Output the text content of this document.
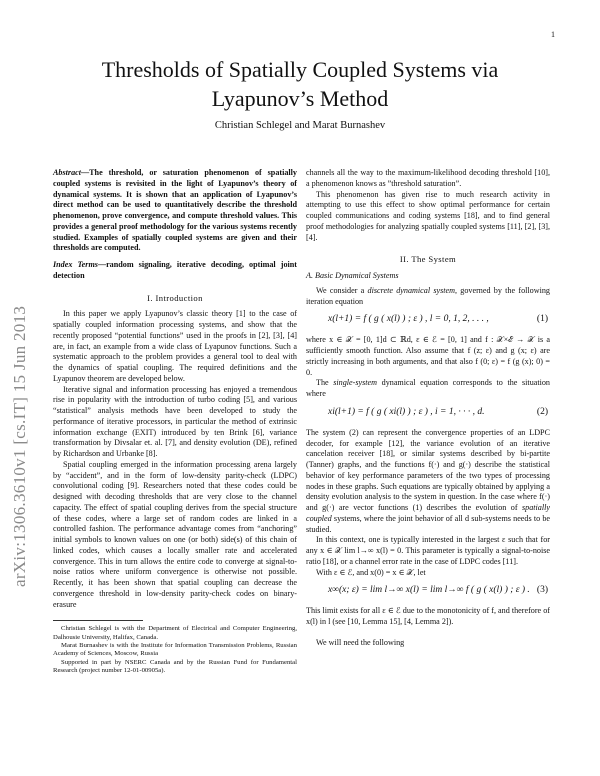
1
arXiv:1306.3610v1 [cs.IT] 15 Jun 2013
Thresholds of Spatially Coupled Systems via Lyapunov’s Method
Christian Schlegel and Marat Burnashev

Abstract—The threshold, or saturation phenomenon of spatially coupled systems is revisited in the light of Lyapunov’s theory of dynamical systems. It is shown that an application of Lyapunov’s direct method can be used to quantitatively describe the threshold phenomenon, prove convergence, and compute threshold values. This provides a general proof methodology for the various systems recently studied. Examples of spatially coupled systems are given and their thresholds are computed.

Index Terms—random signaling, iterative decoding, optimal joint detection

I. Introduction

In this paper we apply Lyapunov’s classic theory [1] to the case of spatially coupled information processing systems, and show that the recently proposed “potential functions” used in the proofs in [2], [3], [4] are, in fact, an example from a wide class of Lyapunov functions. Such a systematic approach to the problem provides a general tool to deal with the dynamics of spatial coupling. The required definitions and the Lyapunov theorem are developed below.

Iterative signal and information processing has enjoyed a tremendous rise in popularity with the introduction of turbo coding [5], and various “statistical” analysis methods have been developed to study the performance of iterative processors, in particular the method of extrinsic information exchange (EXIT) introduced by ten Brink [6], variance transformation by Divsalar et. al. [7], and density evolution (DE), refined by Richardson and Urbanke [8].

Spatial coupling emerged in the information processing arena largely by “accident”, and in the form of low-density parity-check (LDPC) convolutional coding [9]. Researchers noted that these codes could be designed with decoding thresholds that are very close to the channel capacity. The effect of spatial coupling derives from the special structure of these codes, where a large set of random codes are linked in a controlled fashion. The performance advantage comes from “anchoring” initial symbols to known values on one (or both) side(s) of this chain of linked codes, which causes a locally smaller rate and accelerated convergence. This in turn allows the entire code to converge at signal-to-noise ratios where uniform convergence is otherwise not possible. Recently, it has been shown that spatial coupling can decrease the convergence threshold in low-density parity-check codes on binary-erasure

Christian Schlegel is with the Department of Electrical and Computer Engineering, Dalhousie University, Halifax, Canada.

Marat Burnashev is with the Institute for Information Transmission Problems, Russian Academy of Sciences, Moscow, Russia

Supported in part by NSERC Canada and by the Russian Fund for Fundamental Research (project number 12-01-00905a).

channels all the way to the maximum-likelihood decoding threshold [10], a phenomenon knows as ”threshold saturation”.

This phenomenon has given rise to much research activity in attempting to use this effect to show optimal performance for certain coupled communications and coding systems [18], and to find general proof methodologies for analyzing spatially coupled systems [11], [2], [3], [4].

II. The System
A. Basic Dynamical Systems

We consider a discrete dynamical system, governed by the following iteration equation

x(l+1) = f ( g ( x(l) ) ; ε ) , l = 0, 1, 2, . . . ,	(1)

where x ∈ 𝒳 = [0, 1]d ⊂ ℝd, ε ∈ ℰ = [0, 1] and f : 𝒳×ℰ → 𝒳 is a sufficiently smooth function. Also assume that f (z; ε) and g (x; ε) are strictly increasing in both arguments, and that also f (0; ε) = f (g (x); 0) = 0.

The single-system dynamical equation corresponds to the situation where

xi(l+1) = f ( g ( xi(l) ) ; ε ) , i = 1, · · · , d.	(2)

The system (2) can represent the convergence properties of an LDPC decoder, for example [12], the variance evolution of an iterative cancelation receiver [18], or similar systems described by bi-partite (Tanner) graphs, and the functions f(·) and g(·) describe the statistical behavior of key performance parameters of the two types of processing nodes in these graphs. Such equations are typically obtained by applying a density evolution analysis to the system in question. In the case where f(·) and g(·) are vector functions (1) describes the evolution of spatially coupled systems, where the joint behavior of all d sub-systems needs to be studied.

In this context, one is typically interested in the largest ε such that for any x ∈ 𝒳 lim l→∞ x(l) = 0. This parameter is typically a signal-to-noise ratio [18], or a channel error rate in the case of LDPC codes [11].

With ε ∈ ℰ, and x(0) = x ∈ 𝒳, let

x∞(x; ε) = lim l→∞ x(l) = lim l→∞ f ( g ( x(l) ) ; ε ) . (3)

This limit exists for all ε ∈ ℰ due to the monotonicity of f, and therefore of x(l) in l (see [10, Lemma 15], [4, Lemma 2]).

We will need the following
